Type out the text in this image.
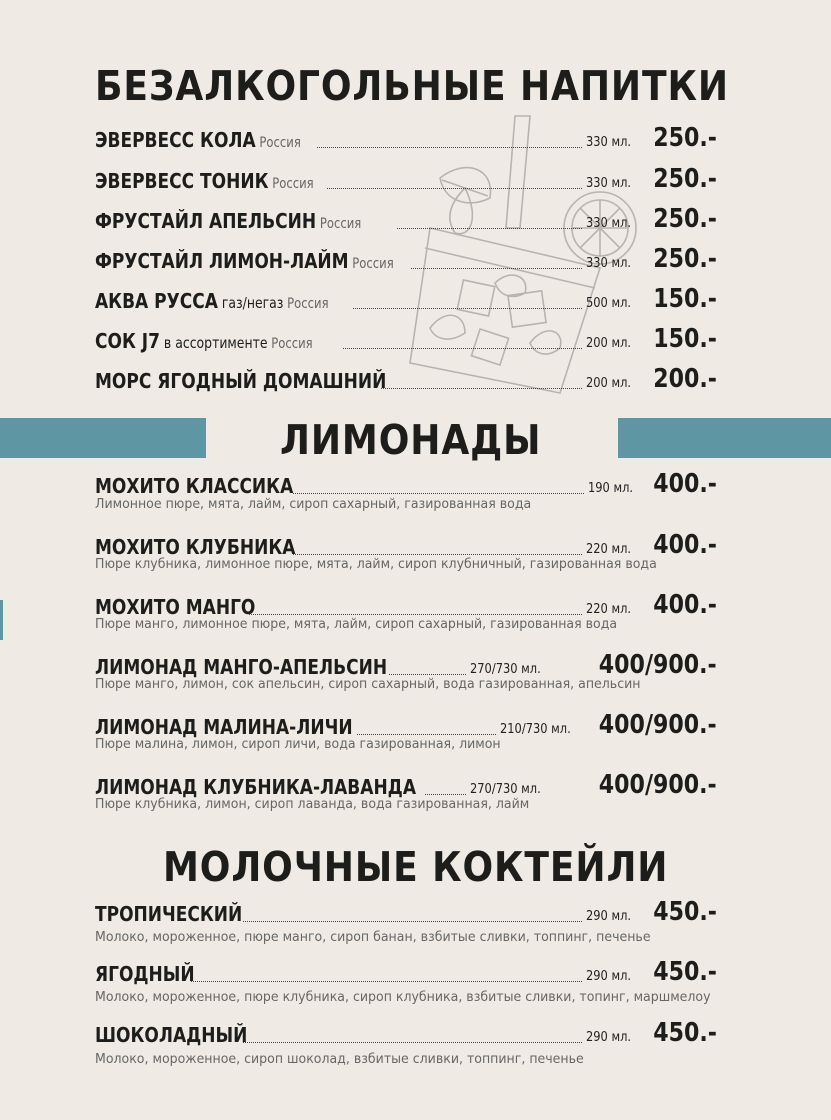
БЕЗАЛКОГОЛЬНЫЕ НАПИТКИ
ЭВЕРВЕСС КОЛА Россия	330 мл. 250.-
ЭВЕРВЕСС ТОНИК Россия	330 мл. 250.-
ФРУСТАЙЛ АПЕЛЬСИН Россия	330 мл. 250.-
ФРУСТАЙЛ ЛИМОН-ЛАЙМ Россия	330 мл. 250.-
АКВА РУССА газ/негаз Россия	500 мл. 150.-
СОК J7 в ассортименте Россия	200 мл. 150.-
МОРС ЯГОДНЫЙ ДОМАШНИЙ	200 мл. 200.-
ЛИМОНАДЫ
МОХИТО КЛАССИКА	190 мл. 400.-
Лимонное пюре, мята, лайм, сироп сахарный, газированная вода
МОХИТО КЛУБНИКА	220 мл. 400.-
Пюре клубника, лимонное пюре, мята, лайм, сироп клубничный, газированная вода
МОХИТО МАНГО	220 мл. 400.-
Пюре манго, лимонное пюре, мята, лайм, сироп сахарный, газированная вода
ЛИМОНАД МАНГО-АПЕЛЬСИН	270/730 мл. 400/900.-
Пюре манго, лимон, сок апельсин, сироп сахарный, вода газированная, апельсин
ЛИМОНАД МАЛИНА-ЛИЧИ	210/730 мл. 400/900.-
Пюре малина, лимон, сироп личи, вода газированная, лимон
ЛИМОНАД КЛУБНИКА-ЛАВАНДА	270/730 мл. 400/900.-
Пюре клубника, лимон, сироп лаванда, вода газированная, лайм
МОЛОЧНЫЕ КОКТЕЙЛИ
ТРОПИЧЕСКИЙ	290 мл. 450.-
Молоко, мороженное, пюре манго, сироп банан, взбитые сливки, топпинг, печенье
ЯГОДНЫЙ	290 мл. 450.-
Молоко, мороженное, пюре клубника, сироп клубника, взбитые сливки, топинг, маршмелоу
ШОКОЛАДНЫЙ	290 мл. 450.-
Молоко, мороженное, сироп шоколад, взбитые сливки, топпинг, печенье
